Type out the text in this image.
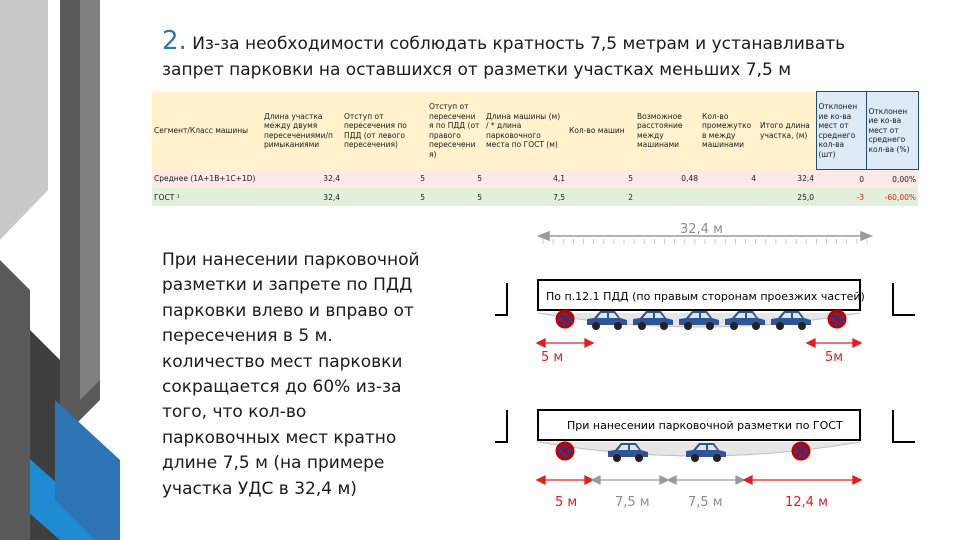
2. Из-за необходимости соблюдать кратность 7,5 метрам и устанавливать
запрет парковки на оставшихся от разметки участках меньших 7,5 м
Сегмент/Класс машины	Длина участка между двумя пересечениями/п римыканиями	Отступ от пересечения по ПДД (от левого пересечения)	Отступ от пересечени я по ПДД (от правого пересечени я)	Длина машины (м) / * длина парковочного места по ГОСТ (м)	Кол-во машин	Возможное расстояние между машинами	Кол-во промежутко в между машинами	Итого длина участка, (м)	Отклонен ие ко-ва мест от среднего кол-ва (шт)	Отклонен ие ко-ва мест от среднего кол-ва (%)
Среднее (1А+1В+1С+1D)	32,4	5	5	4,1	5	0,48	4	32,4	0	0,00%
ГОСТ ¹	32,4	5	5	7,5	2			25,0	-3	-60,00%
При нанесении парковочной
разметки и запрете по ПДД
парковки влево и вправо от
пересечения в 5 м.
количество мест парковки
сокращается до 60% из-за
того, что кол-во
парковочных мест кратно
длине 7,5 м (на примере
участка УДС в 32,4 м)
32,4 м
По п.12.1 ПДД (по правым сторонам проезжих частей)
5 м	5м
При нанесении парковочной разметки по ГОСТ
5 м	7,5 м	7,5 м	12,4 м
